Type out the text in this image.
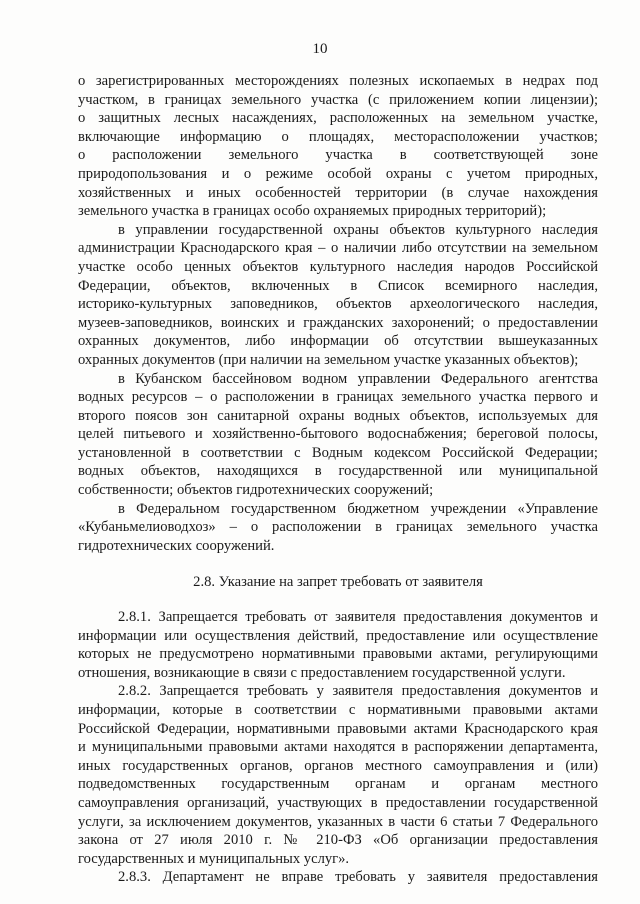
10
о зарегистрированных месторождениях полезных ископаемых в недрах под
участком, в границах земельного участка (с приложением копии лицензии);
о защитных лесных насаждениях, расположенных на земельном участке,
включающие информацию о площадях, месторасположении участков;
о расположении земельного участка в соответствующей зоне
природопользования и о режиме особой охраны с учетом природных,
хозяйственных и иных особенностей территории (в случае нахождения
земельного участка в границах особо охраняемых природных территорий);
в управлении государственной охраны объектов культурного наследия
администрации Краснодарского края – о наличии либо отсутствии на земельном
участке особо ценных объектов культурного наследия народов Российской
Федерации, объектов, включенных в Список всемирного наследия,
историко-культурных заповедников, объектов археологического наследия,
музеев-заповедников, воинских и гражданских захоронений; о предоставлении
охранных документов, либо информации об отсутствии вышеуказанных
охранных документов (при наличии на земельном участке указанных объектов);
в Кубанском бассейновом водном управлении Федерального агентства
водных ресурсов – о расположении в границах земельного участка первого и
второго поясов зон санитарной охраны водных объектов, используемых для
целей питьевого и хозяйственно-бытового водоснабжения; береговой полосы,
установленной в соответствии с Водным кодексом Российской Федерации;
водных объектов, находящихся в государственной или муниципальной
собственности; объектов гидротехнических сооружений;
в Федеральном государственном бюджетном учреждении «Управление
«Кубаньмелиоводхоз» – о расположении в границах земельного участка
гидротехнических сооружений.
2.8. Указание на запрет требовать от заявителя
2.8.1. Запрещается требовать от заявителя предоставления документов и
информации или осуществления действий, предоставление или осуществление
которых не предусмотрено нормативными правовыми актами, регулирующими
отношения, возникающие в связи с предоставлением государственной услуги.
2.8.2. Запрещается требовать у заявителя предоставления документов и
информации, которые в соответствии с нормативными правовыми актами
Российской Федерации, нормативными правовыми актами Краснодарского края
и муниципальными правовыми актами находятся в распоряжении департамента,
иных государственных органов, органов местного самоуправления и (или)
подведомственных государственным органам и органам местного
самоуправления организаций, участвующих в предоставлении государственной
услуги, за исключением документов, указанных в части 6 статьи 7 Федерального
закона от 27 июля 2010 г. № 210-ФЗ «Об организации предоставления
государственных и муниципальных услуг».
2.8.3. Департамент не вправе требовать у заявителя предоставления
